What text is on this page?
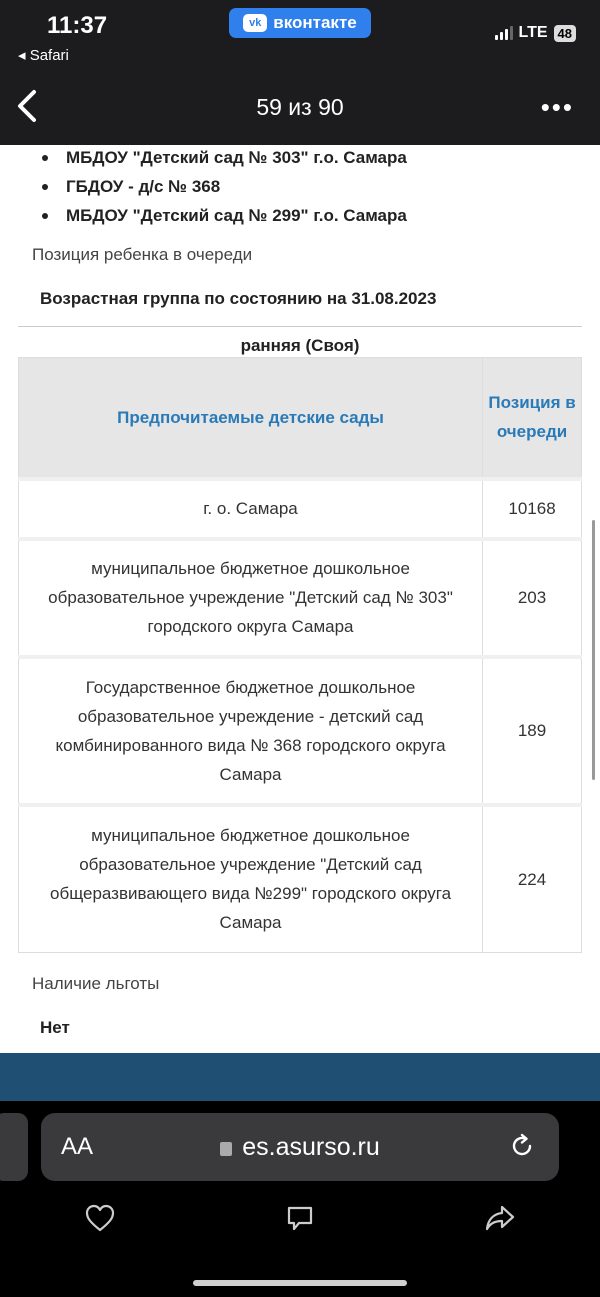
11:37
◂ Safari
vk вконтакте
LTE 48
59 из 90	•••
МБДОУ "Детский сад № 303" г.о. Самара
ГБДОУ - д/с № 368
МБДОУ "Детский сад № 299" г.о. Самара
Позиция ребенка в очереди
Возрастная группа по состоянию на 31.08.2023
ранняя (Своя)
Предпочитаемые детские сады	Позиция в очереди
г. о. Самара	10168
муниципальное бюджетное дошкольное образовательное учреждение "Детский сад № 303" городского округа Самара	203
Государственное бюджетное дошкольное образовательное учреждение - детский сад комбинированного вида № 368 городского округа Самара	189
муниципальное бюджетное дошкольное образовательное учреждение "Детский сад общеразвивающего вида №299" городского округа Самара	224
Наличие льготы
Нет
AA	es.asurso.ru
